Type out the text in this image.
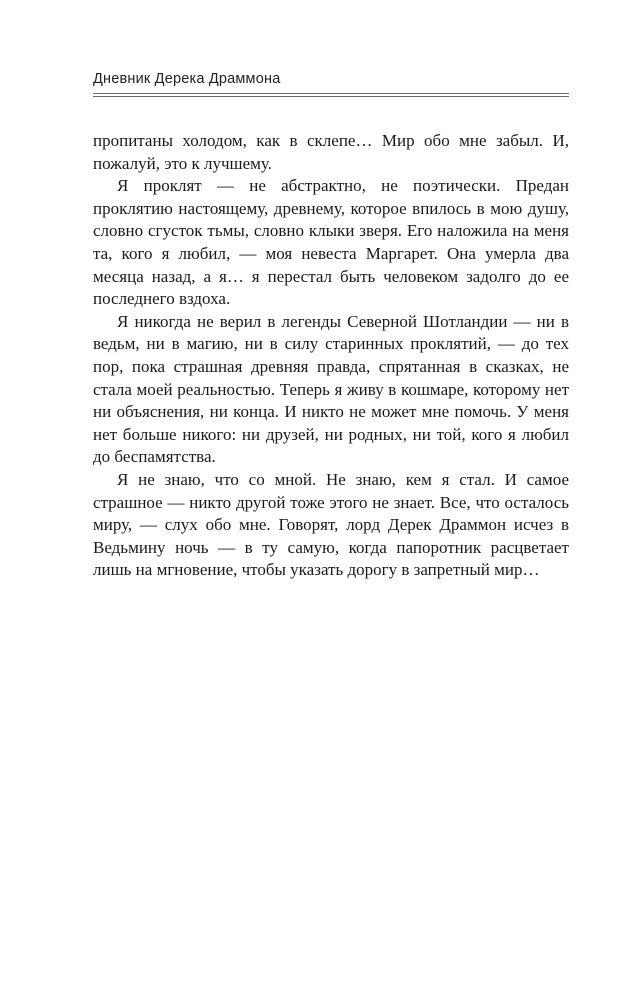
Дневник Дерека Драммона

пропитаны холодом, как в склепе… Мир обо мне забыл. И, пожалуй, это к лучшему.

Я проклят — не абстрактно, не поэтически. Предан проклятию настоящему, древнему, которое впилось в мою душу, словно сгусток тьмы, словно клыки зверя. Его наложила на меня та, кого я любил, — моя невеста Маргарет. Она умерла два месяца назад, а я… я перестал быть человеком задолго до ее последнего вздоха.

Я никогда не верил в легенды Северной Шотландии — ни в ведьм, ни в магию, ни в силу старинных проклятий, — до тех пор, пока страшная древняя правда, спрятанная в сказках, не стала моей реальностью. Теперь я живу в кошмаре, которому нет ни объяснения, ни конца. И никто не может мне помочь. У меня нет больше никого: ни друзей, ни родных, ни той, кого я любил до беспамятства.

Я не знаю, что со мной. Не знаю, кем я стал. И самое страшное — никто другой тоже этого не знает. Все, что осталось миру, — слух обо мне. Говорят, лорд Дерек Драммон исчез в Ведьмину ночь — в ту самую, когда папоротник расцветает лишь на мгновение, чтобы указать дорогу в запретный мир…
